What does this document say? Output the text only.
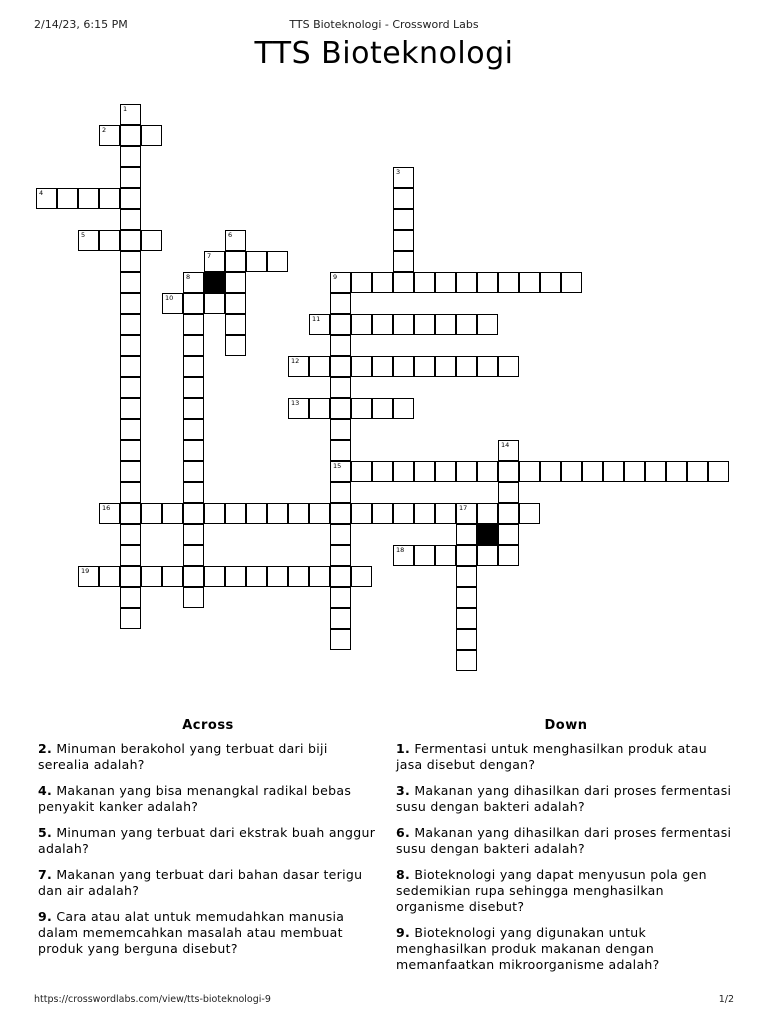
2/14/23, 6:15 PM	TTS Bioteknologi - Crossword Labs
TTS Bioteknologi
2
4
5
7
9
10
11
12
13
15
16	17
18
19
1
3
6
8
14
Across
2. Minuman berakohol yang terbuat dari biji serealia adalah?
4. Makanan yang bisa menangkal radikal bebas penyakit kanker adalah?
5. Minuman yang terbuat dari ekstrak buah anggur adalah?
7. Makanan yang terbuat dari bahan dasar terigu dan air adalah?
9. Cara atau alat untuk memudahkan manusia dalam mememcahkan masalah atau membuat produk yang berguna disebut?
Down
1. Fermentasi untuk menghasilkan produk atau jasa disebut dengan?
3. Makanan yang dihasilkan dari proses fermentasi susu dengan bakteri adalah?
6. Makanan yang dihasilkan dari proses fermentasi susu dengan bakteri adalah?
8. Bioteknologi yang dapat menyusun pola gen sedemikian rupa sehingga menghasilkan organisme disebut?
9. Bioteknologi yang digunakan untuk menghasilkan produk makanan dengan memanfaatkan mikroorganisme adalah?
https://crosswordlabs.com/view/tts-bioteknologi-9	1/2
